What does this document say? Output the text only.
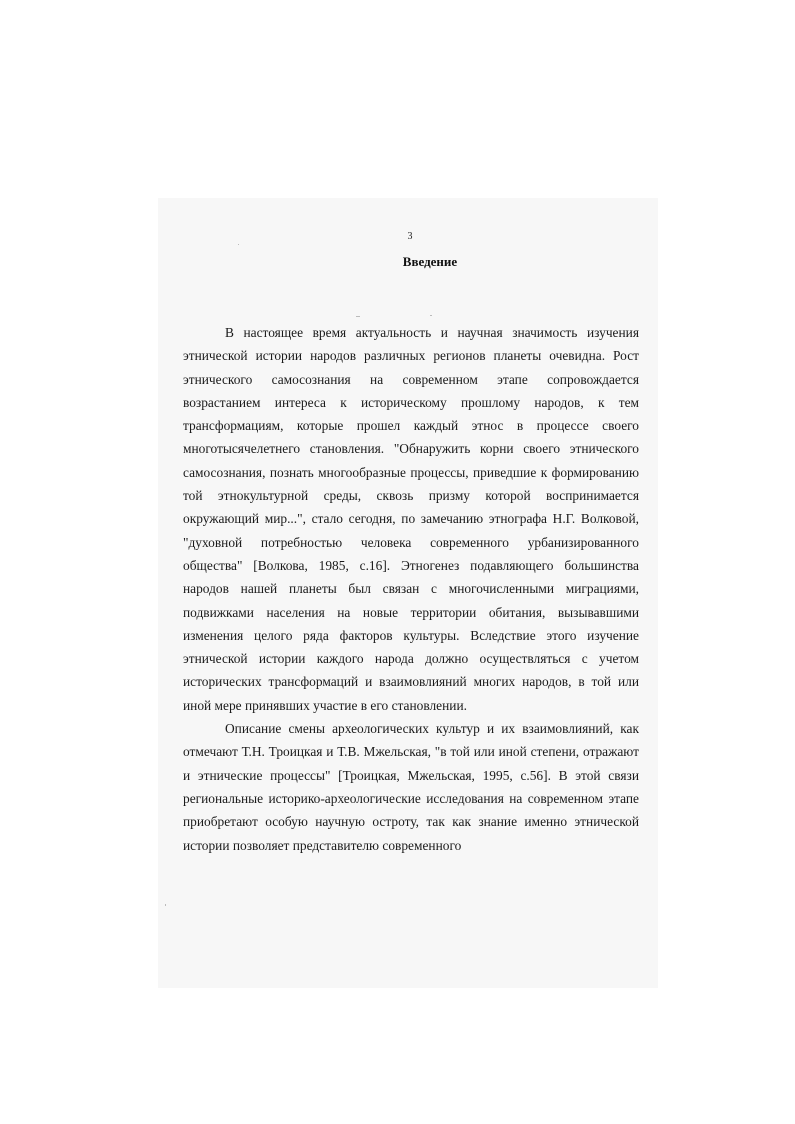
3
Введение

В настоящее время актуальность и научная значимость изучения этнической истории народов различных регионов планеты очевидна. Рост этнического самосознания на современном этапе сопровождается возрастанием интереса к историческому прошлому народов, к тем трансформациям, которые прошел каждый этнос в процессе своего многотысячелетнего становления. "Обнаружить корни своего этнического самосознания, познать многообразные процессы, приведшие к формированию той этнокультурной среды, сквозь призму которой воспринимается окружающий мир...", стало сегодня, по замечанию этнографа Н.Г. Волковой, "духовной потребностью человека современного урбанизированного общества" [Волкова, 1985, с.16]. Этногенез подавляющего большинства народов нашей планеты был связан с многочисленными миграциями, подвижками населения на новые территории обитания, вызывавшими изменения целого ряда факторов культуры. Вследствие этого изучение этнической истории каждого народа должно осуществляться с учетом исторических трансформаций и взаимовлияний многих народов, в той или иной мере принявших участие в его становлении.

Описание смены археологических культур и их взаимовлияний, как отмечают Т.Н. Троицкая и Т.В. Мжельская, "в той или иной степени, отражают и этнические процессы" [Троицкая, Мжельская, 1995, с.56]. В этой связи региональные историко-археологические исследования на современном этапе приобретают особую научную остроту, так как знание именно этнической истории позволяет представителю современного
